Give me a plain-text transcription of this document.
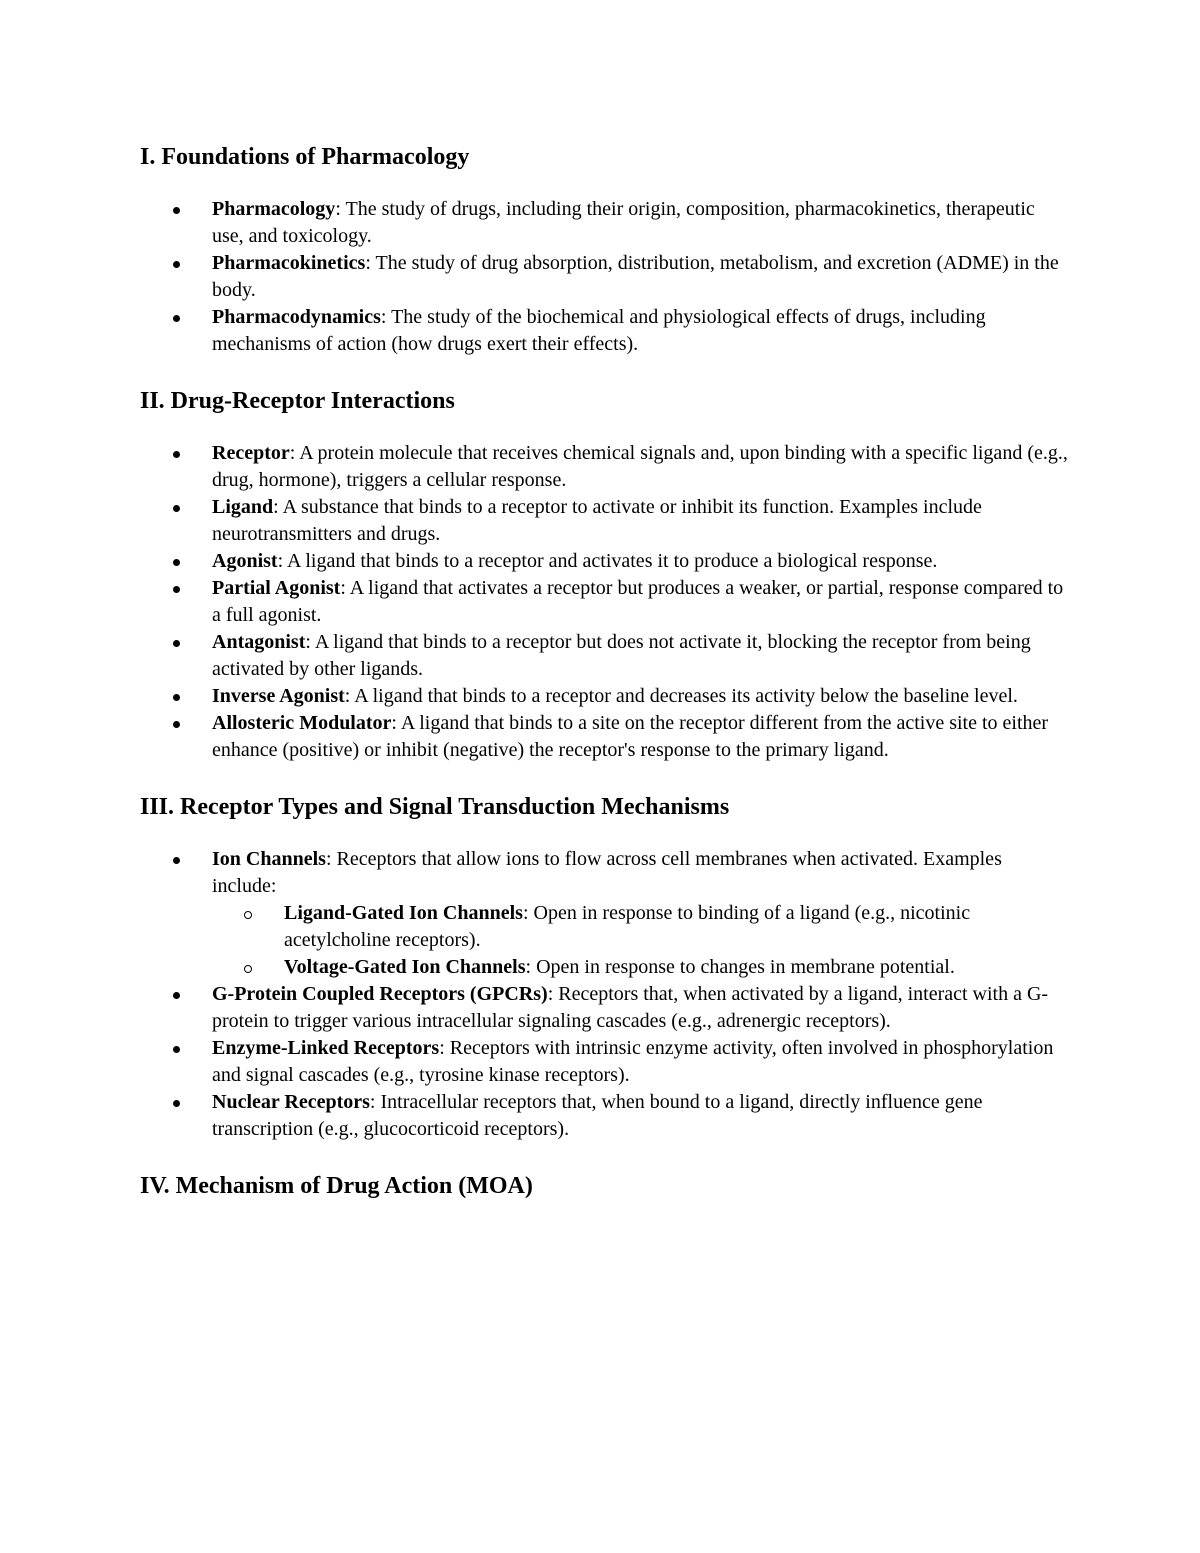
I. Foundations of Pharmacology
Pharmacology: The study of drugs, including their origin, composition, pharmacokinetics, therapeutic use, and toxicology.
Pharmacokinetics: The study of drug absorption, distribution, metabolism, and excretion (ADME) in the body.
Pharmacodynamics: The study of the biochemical and physiological effects of drugs, including mechanisms of action (how drugs exert their effects).
II. Drug-Receptor Interactions
Receptor: A protein molecule that receives chemical signals and, upon binding with a specific ligand (e.g., drug, hormone), triggers a cellular response.
Ligand: A substance that binds to a receptor to activate or inhibit its function. Examples include neurotransmitters and drugs.
Agonist: A ligand that binds to a receptor and activates it to produce a biological response.
Partial Agonist: A ligand that activates a receptor but produces a weaker, or partial, response compared to a full agonist.
Antagonist: A ligand that binds to a receptor but does not activate it, blocking the receptor from being activated by other ligands.
Inverse Agonist: A ligand that binds to a receptor and decreases its activity below the baseline level.
Allosteric Modulator: A ligand that binds to a site on the receptor different from the active site to either enhance (positive) or inhibit (negative) the receptor's response to the primary ligand.
III. Receptor Types and Signal Transduction Mechanisms
Ion Channels: Receptors that allow ions to flow across cell membranes when activated. Examples include:
Ligand-Gated Ion Channels: Open in response to binding of a ligand (e.g., nicotinic acetylcholine receptors).
Voltage-Gated Ion Channels: Open in response to changes in membrane potential.
G-Protein Coupled Receptors (GPCRs): Receptors that, when activated by a ligand, interact with a G-protein to trigger various intracellular signaling cascades (e.g., adrenergic receptors).
Enzyme-Linked Receptors: Receptors with intrinsic enzyme activity, often involved in phosphorylation and signal cascades (e.g., tyrosine kinase receptors).
Nuclear Receptors: Intracellular receptors that, when bound to a ligand, directly influence gene transcription (e.g., glucocorticoid receptors).
IV. Mechanism of Drug Action (MOA)
